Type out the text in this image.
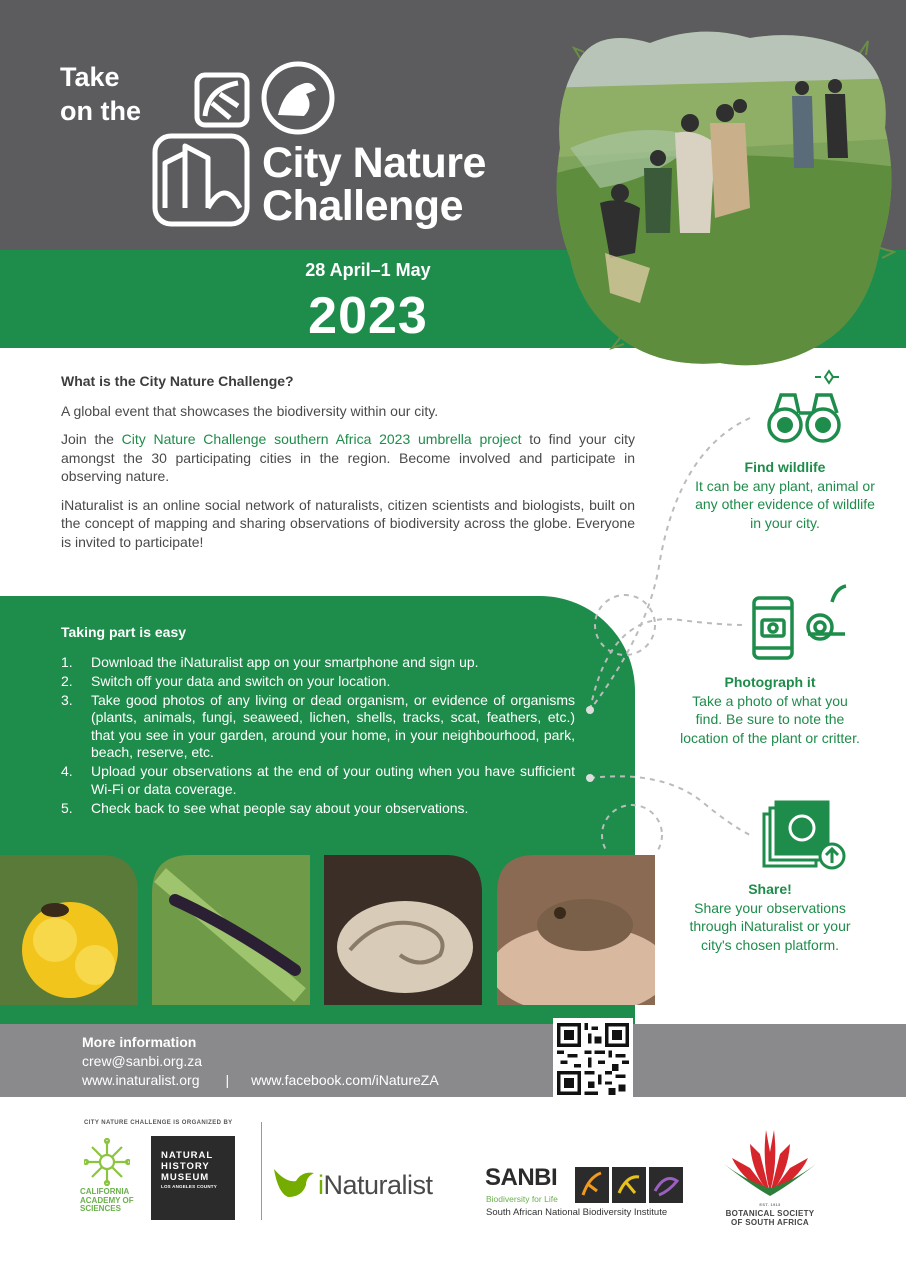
Take
on the
City Nature
Challenge
28 April–1 May
2023
What is the City Nature Challenge?

A global event that showcases the biodiversity within our city.

Join the City Nature Challenge southern Africa 2023 umbrella project to find your city amongst the 30 participating cities in the region. Become involved and participate in observing nature.

iNaturalist is an online social network of naturalists, citizen scientists and biologists, built on the concept of mapping and sharing observations of biodiversity across the globe. Everyone is invited to participate!

Taking part is easy
1.	Download the iNaturalist app on your smartphone and sign up.
2.	Switch off your data and switch on your location.
3.	Take good photos of any living or dead organism, or evidence of organisms (plants, animals, fungi, seaweed, lichen, shells, tracks, scat, feathers, etc.) that you see in your garden, around your home, in your neighbourhood, park, beach, reserve, etc.
4.	Upload your observations at the end of your outing when you have sufficient Wi-Fi or data coverage.
5.	Check back to see what people say about your observations.
Find wildlife
It can be any plant, animal or any other evidence of wildlife in your city.
Photograph it
Take a photo of what you find. Be sure to note the location of the plant or critter.
Share!
Share your observations through iNaturalist or your city's chosen platform.
More information
crew@sanbi.org.za
www.inaturalist.org | www.facebook.com/iNatureZA
CITY NATURE CHALLENGE IS ORGANIZED BY
CALIFORNIA
ACADEMY OF
SCIENCES
NATURAL
HISTORY
MUSEUM
LOS ANGELES COUNTY	iNaturalist SANBI
Biodiversity for Life
South African National Biodiversity Institute
EST. 1913
BOTANICAL SOCIETY
OF SOUTH AFRICA
